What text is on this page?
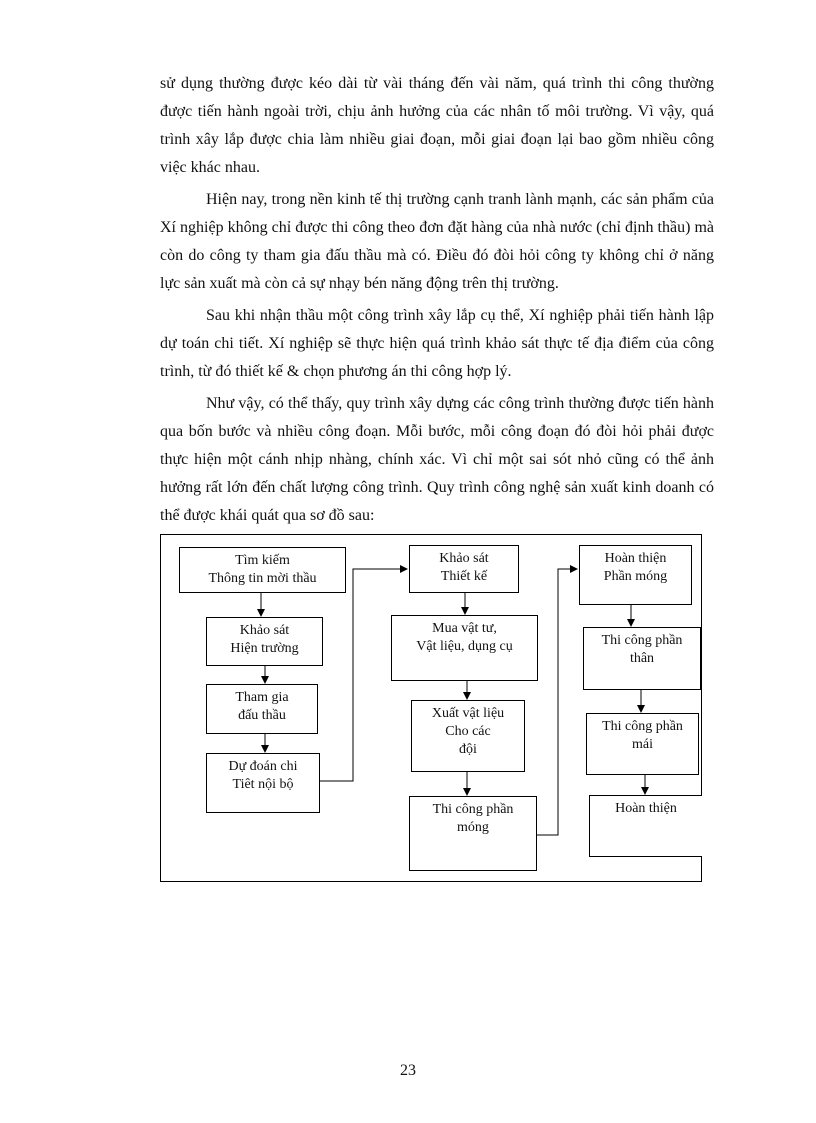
sử dụng thường được kéo dài từ vài tháng đến vài năm, quá trình thi công thường được tiến hành ngoài trời, chịu ảnh hưởng của các nhân tố môi trường. Vì vậy, quá trình xây lắp được chia làm nhiều giai đoạn, mỗi giai đoạn lại bao gồm nhiều công việc khác nhau.

Hiện nay, trong nền kinh tế thị trường cạnh tranh lành mạnh, các sản phẩm của Xí nghiệp không chỉ được thi công theo đơn đặt hàng của nhà nước (chỉ định thầu) mà còn do công ty tham gia đấu thầu mà có. Điều đó đòi hỏi công ty không chỉ ở năng lực sản xuất mà còn cả sự nhạy bén năng động trên thị trường.

Sau khi nhận thầu một công trình xây lắp cụ thể, Xí nghiệp phải tiến hành lập dự toán chi tiết. Xí nghiệp sẽ thực hiện quá trình khảo sát thực tế địa điểm của công trình, từ đó thiết kế & chọn phương án thi công hợp lý.

Như vậy, có thể thấy, quy trình xây dựng các công trình thường được tiến hành qua bốn bước và nhiều công đoạn. Mỗi bước, mỗi công đoạn đó đòi hỏi phải được thực hiện một cánh nhịp nhàng, chính xác. Vì chỉ một sai sót nhỏ cũng có thể ảnh hưởng rất lớn đến chất lượng công trình. Quy trình công nghệ sản xuất kinh doanh có thể được khái quát qua sơ đồ sau:

Tìm kiếm
Thông tin mời thầu
Khảo sát
Hiện trường
Tham gia
đấu thầu
Dự đoán chi
Tiêt nội bộ
Khảo sát
Thiết kế
Mua vật tư,
Vật liệu, dụng cụ
Xuất vật liệu
Cho các
đội
Thi công phần
móng
Hoàn thiện
Phần móng
Thi công phần
thân
Thi công phần
mái
Hoàn thiện
23
